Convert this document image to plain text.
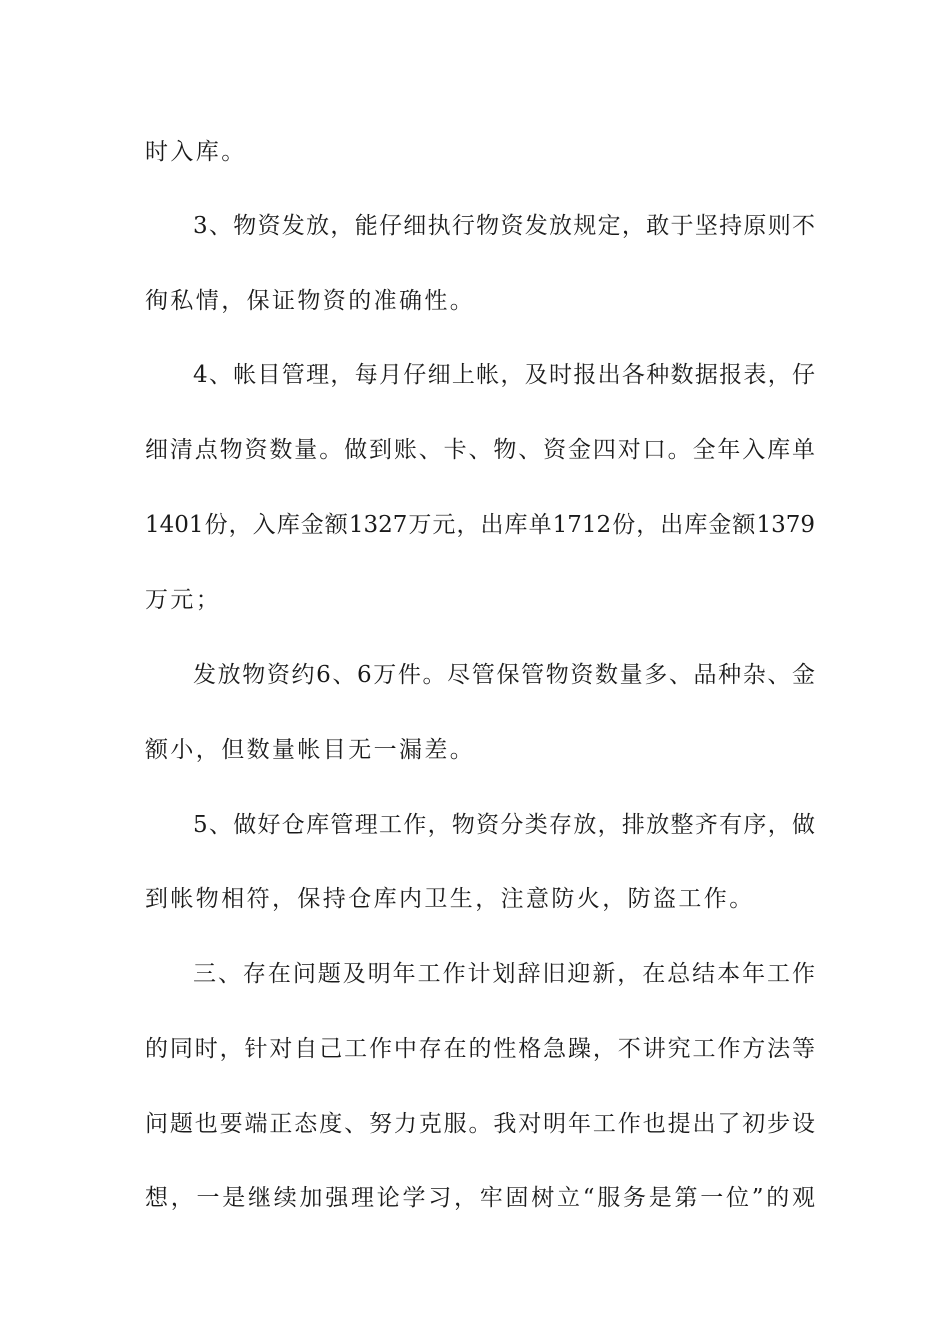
时入库。
3、物资发放，能仔细执行物资发放规定，敢于坚持原则不
徇私情，保证物资的准确性。
4、帐目管理，每月仔细上帐，及时报出各种数据报表，仔
细清点物资数量。做到账、卡、物、资金四对口。全年入库单
1401份，入库金额1327万元，出库单1712份，出库金额1379
万元；
发放物资约6、6万件。尽管保管物资数量多、品种杂、金
额小，但数量帐目无一漏差。
5、做好仓库管理工作，物资分类存放，排放整齐有序，做
到帐物相符，保持仓库内卫生，注意防火，防盗工作。
三、存在问题及明年工作计划辞旧迎新，在总结本年工作
的同时，针对自己工作中存在的性格急躁，不讲究工作方法等
问题也要端正态度、努力克服。我对明年工作也提出了初步设
想，一是继续加强理论学习，牢固树立“服务是第一位”的观
